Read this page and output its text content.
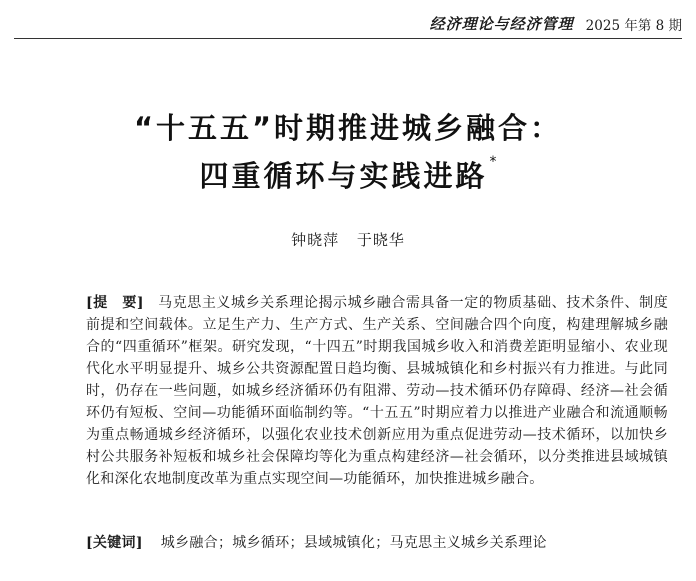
经济理论与经济管理 2025 年第 8 期
“十五五”时期推进城乡融合：
四重循环与实践进路 *
钟晓萍 于晓华

[提　要] 马克思主义城乡关系理论揭示城乡融合需具备一定的物质基础、技术条件、制度前提和空间载体。立足生产力、生产方式、生产关系、空间融合四个向度，构建理解城乡融合的“四重循环”框架。研究发现，“十四五”时期我国城乡收入和消费差距明显缩小、农业现代化水平明显提升、城乡公共资源配置日趋均衡、县城城镇化和乡村振兴有力推进。与此同时，仍存在一些问题，如城乡经济循环仍有阻滞、劳动—技术循环仍存障碍、经济—社会循环仍有短板、空间—功能循环面临制约等。“十五五”时期应着力以推进产业融合和流通顺畅为重点畅通城乡经济循环，以强化农业技术创新应用为重点促进劳动—技术循环，以加快乡村公共服务补短板和城乡社会保障均等化为重点构建经济—社会循环，以分类推进县域城镇化和深化农地制度改革为重点实现空间—功能循环，加快推进城乡融合。

[关键词] 城乡融合；城乡循环；县域城镇化；马克思主义城乡关系理论
